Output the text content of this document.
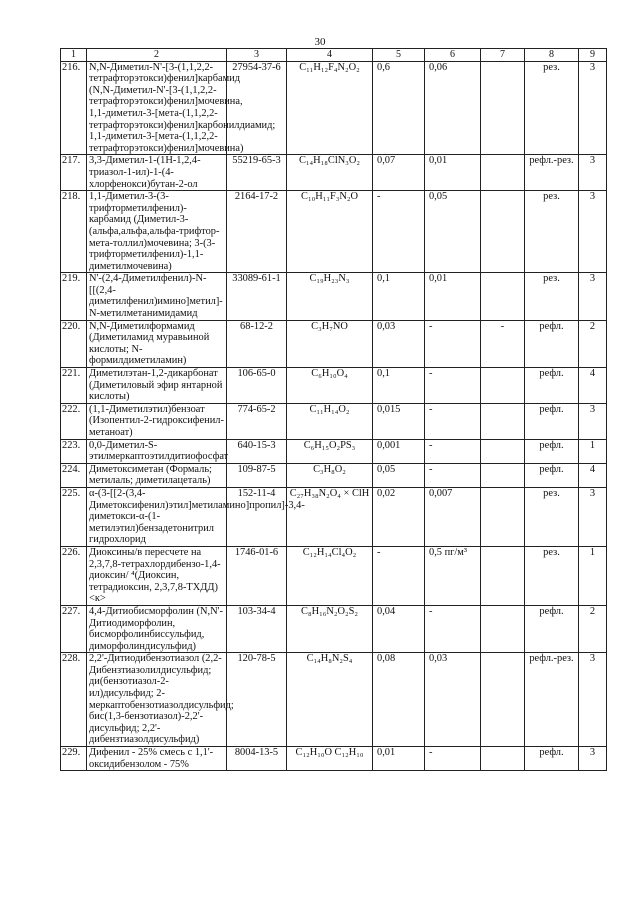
30
1	2	3	4	5	6	7	8	9
216.	N,N-Диметил-N'-[3-(1,1,2,2-тетрафторэтокси)фенил]карбамид (N,N-Диметил-N'-[3-(1,1,2,2-тетрафторэтокси)фенил]мочевина, 1,1-диметил-3-[мета-(1,1,2,2-тетрафторэтокси)фенил]карбонилдиамид; 1,1-диметил-3-[мета-(1,1,2,2-тетрафторэтокси)фенил]мочевина)	27954-37-6	C₁₁H₁₂F₄N₂O₂	0,6	0,06		рез.	3
217.	3,3-Диметил-1-(1Н-1,2,4-триазол-1-ил)-1-(4-хлорфенокси)бутан-2-ол	55219-65-3	C₁₄H₁₈ClN₃O₂	0,07	0,01		рефл.-рез.	3
218.	1,1-Диметил-3-(3-трифторметилфенил)-карбамид (Диметил-3-(альфа,альфа,альфа-трифтор-мета-толлил)мочевина; 3-(3-трифторметилфенил)-1,1-диметилмочевина)	2164-17-2	C₁₀H₁₁F₃N₂O	-	0,05		рез.	3
219.	N'-(2,4-Диметилфенил)-N-[[(2,4-диметилфенил)имино]метил]-N-метилметанимидамид	33089-61-1	C₁₉H₂₃N₃	0,1	0,01		рез.	3
220.	N,N-Диметилформамид (Диметиламид муравьиной кислоты; N-формилдиметиламин)	68-12-2	C₃H₇NO	0,03	-	-	рефл.	2
221.	Диметилэтан-1,2-дикарбонат (Диметиловый эфир янтарной кислоты)	106-65-0	C₆H₁₀O₄	0,1	-		рефл.	4
222.	(1,1-Диметилэтил)бензоат (Изопентил-2-гидроксифенил-метаноат)	774-65-2	C₁₁H₁₄O₂	0,015	-		рефл.	3
223.	0,0-Диметил-S-этилмеркаптоэтилдитиофосфат	640-15-3	C₆H₁₅O₂PS₃	0,001	-		рефл.	1
224.	Диметоксиметан (Формаль; метилаль; диметилацеталь)	109-87-5	C₃H₈O₂	0,05	-		рефл.	4
225.	α-(3-[[2-(3,4-Диметоксифенил)этил]метиламино]пропил]-3,4-диметокси-α-(1-метилэтил)бензадетонитрил гидрохлорид	152-11-4	C₂₇H₃₈N₂O₄ × ClH	0,02	0,007		рез.	3
226.	Диоксины/в пересчете на 2,3,7,8-тетрахлордибензо-1,4-диоксин/ ⁴(Диоксин, тетрадиоксин, 2,3,7,8-ТХДД) <к>	1746-01-6	C₁₂H₁₄Cl₄O₂	-	0,5 пг/м³		рез.	1
227.	4,4-Дитиобисморфолин (N,N'-Дитиодиморфолин, бисморфолинбиссульфид, диморфолиндисульфид)	103-34-4	C₈H₁₆N₂O₂S₂	0,04	-		рефл.	2
228.	2,2'-Дитиодибензотиазол (2,2-Дибензтиазолилдисульфид; ди(бензотиазол-2-ил)дисульфид; 2-меркаптобензотиазолдисульфид; бис(1,3-бензотиазол)-2,2'-дисульфид; 2,2'-дибензтиазолдисульфид)	120-78-5	C₁₄H₈N₂S₄	0,08	0,03		рефл.-рез.	3
229.	Дифенил - 25% смесь с 1,1'-оксидибензолом - 75%	8004-13-5	C₁₂H₁₀O C₁₂H₁₀	0,01	-		рефл.	3
